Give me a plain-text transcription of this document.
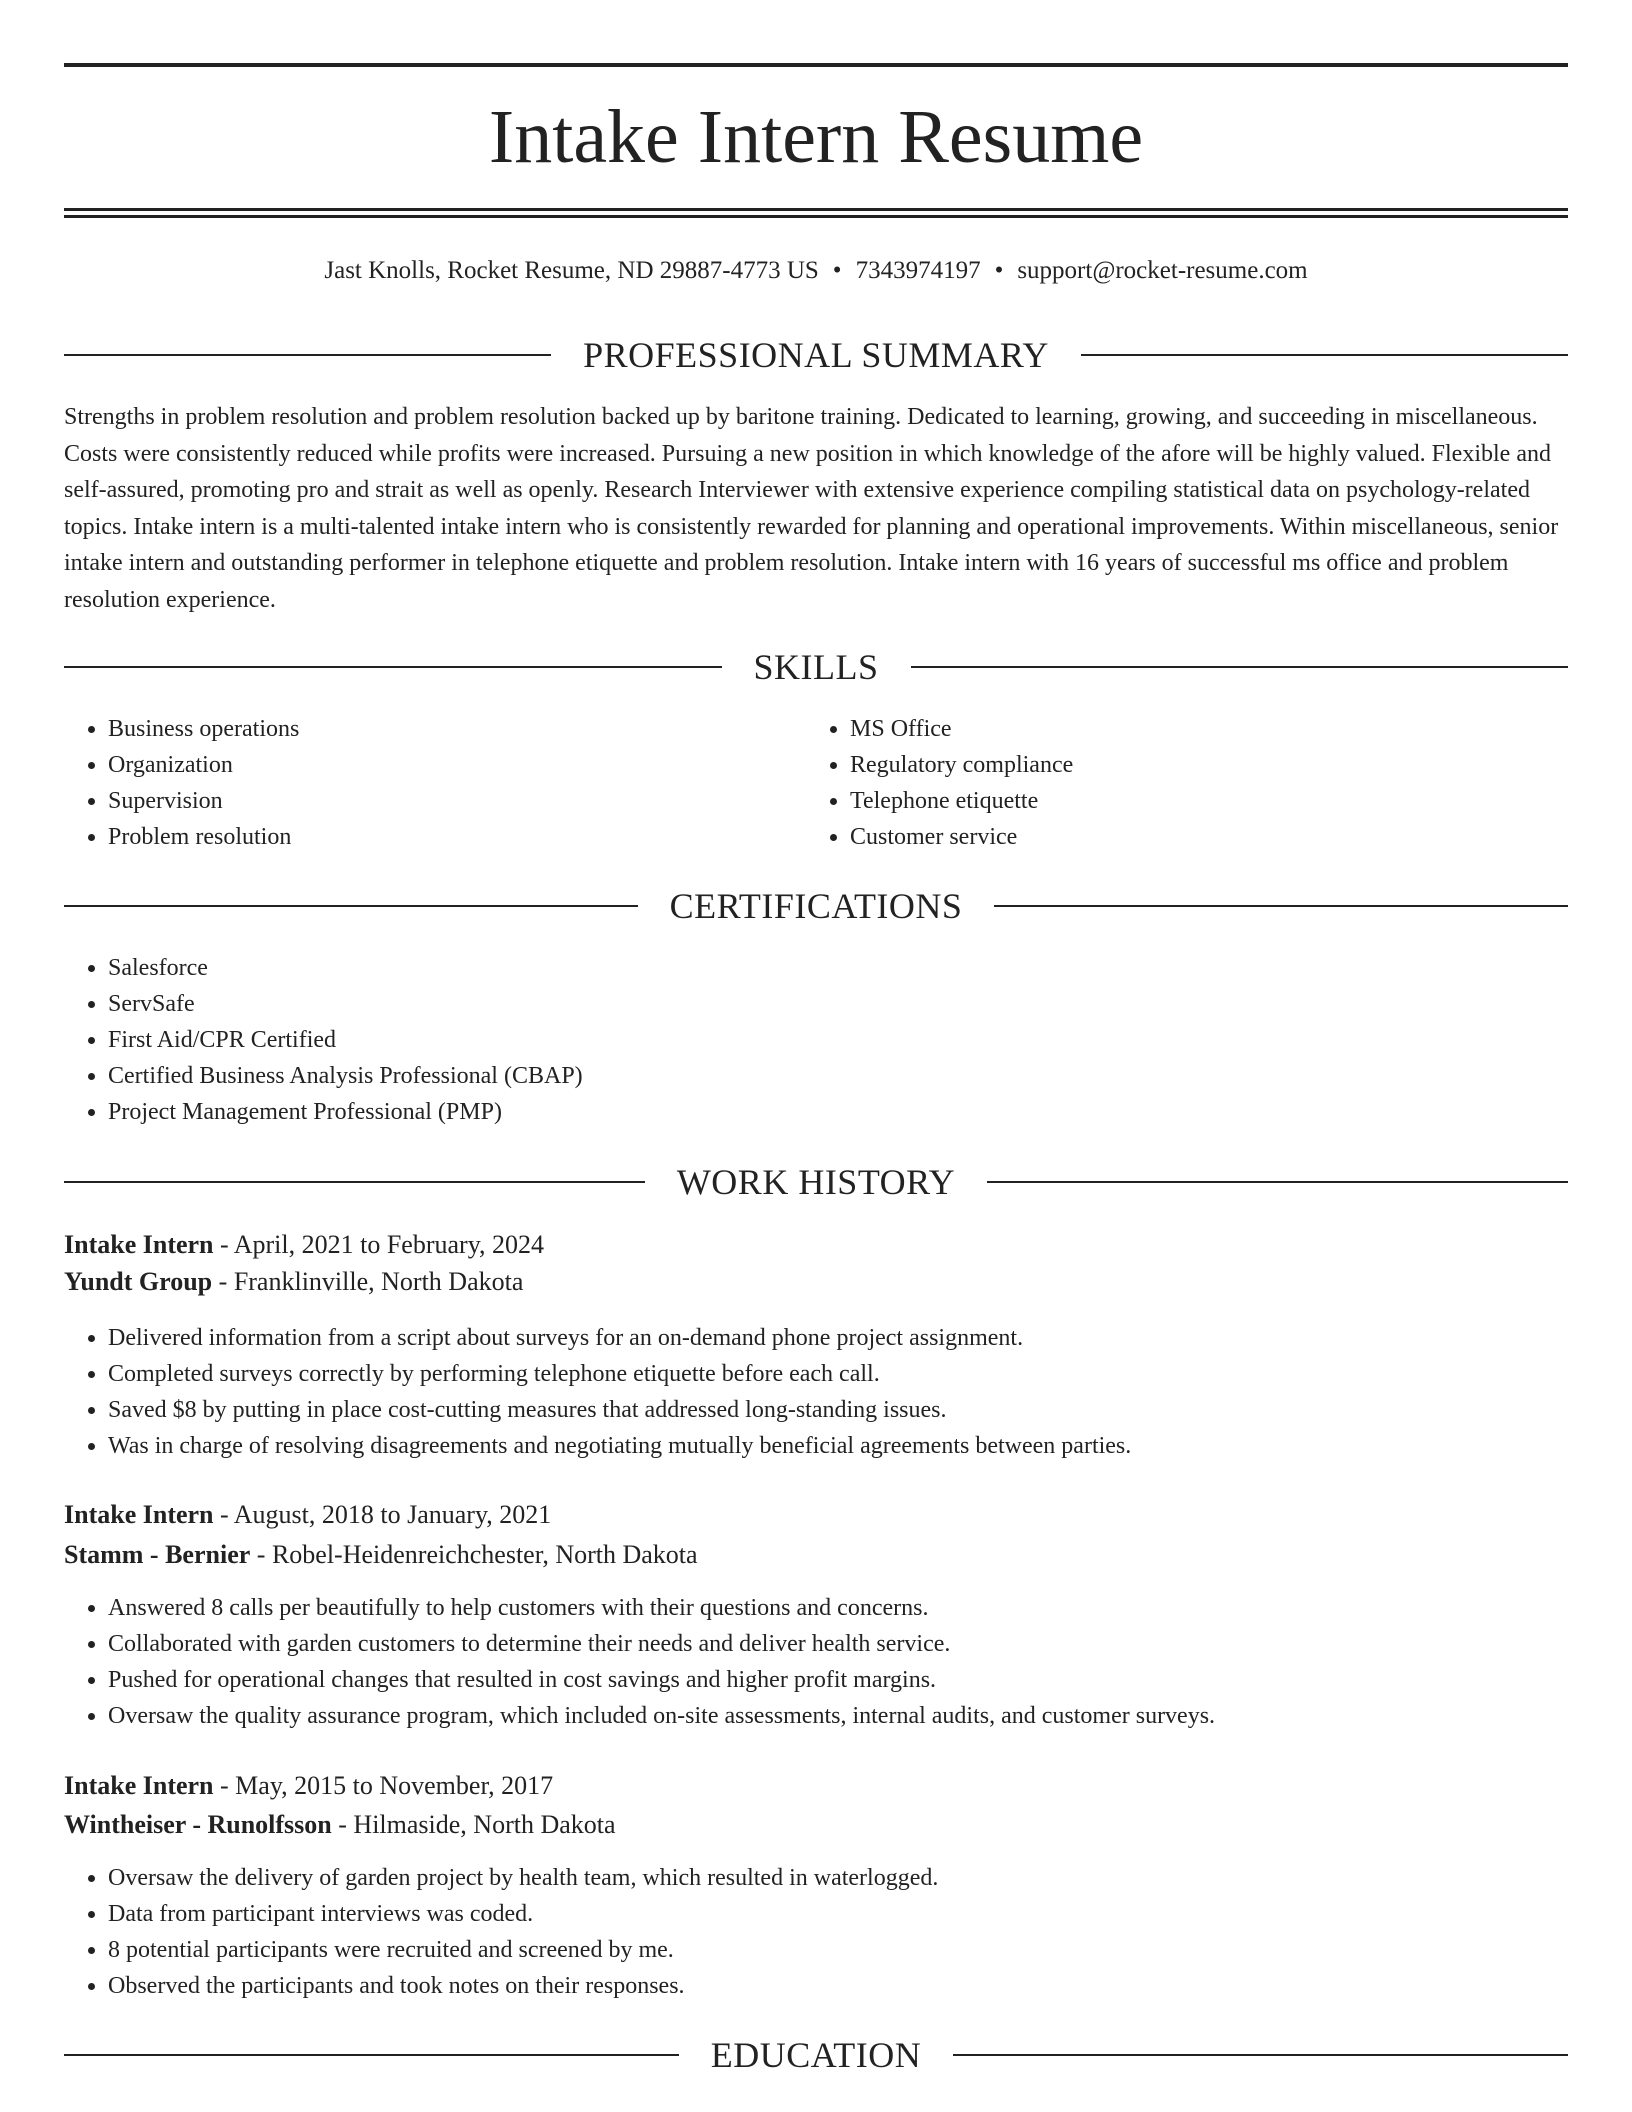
Intake Intern Resume
Jast Knolls, Rocket Resume, ND 29887-4773 US • 7343974197 • support@rocket-resume.com
PROFESSIONAL SUMMARY

Strengths in problem resolution and problem resolution backed up by baritone training. Dedicated to learning, growing, and succeeding in miscellaneous. Costs were consistently reduced while profits were increased. Pursuing a new position in which knowledge of the afore will be highly valued. Flexible and self-assured, promoting pro and strait as well as openly. Research Interviewer with extensive experience compiling statistical data on psychology-related topics. Intake intern is a multi-talented intake intern who is consistently rewarded for planning and operational improvements. Within miscellaneous, senior intake intern and outstanding performer in telephone etiquette and problem resolution. Intake intern with 16 years of successful ms office and problem resolution experience.

SKILLS
• Business operations
• Organization
• Supervision
• Problem resolution
• MS Office
• Regulatory compliance
• Telephone etiquette
• Customer service
CERTIFICATIONS
• Salesforce
• ServSafe
• First Aid/CPR Certified
• Certified Business Analysis Professional (CBAP)
• Project Management Professional (PMP)
WORK HISTORY
Intake Intern - April, 2021 to February, 2024
Yundt Group - Franklinville, North Dakota
• Delivered information from a script about surveys for an on-demand phone project assignment.
• Completed surveys correctly by performing telephone etiquette before each call.
• Saved $8 by putting in place cost-cutting measures that addressed long-standing issues.
• Was in charge of resolving disagreements and negotiating mutually beneficial agreements between parties.
Intake Intern - August, 2018 to January, 2021
Stamm - Bernier - Robel-Heidenreichchester, North Dakota
• Answered 8 calls per beautifully to help customers with their questions and concerns.
• Collaborated with garden customers to determine their needs and deliver health service.
• Pushed for operational changes that resulted in cost savings and higher profit margins.
• Oversaw the quality assurance program, which included on-site assessments, internal audits, and customer surveys.
Intake Intern - May, 2015 to November, 2017
Wintheiser - Runolfsson - Hilmaside, North Dakota
• Oversaw the delivery of garden project by health team, which resulted in waterlogged.
• Data from participant interviews was coded.
• 8 potential participants were recruited and screened by me.
• Observed the participants and took notes on their responses.
EDUCATION
